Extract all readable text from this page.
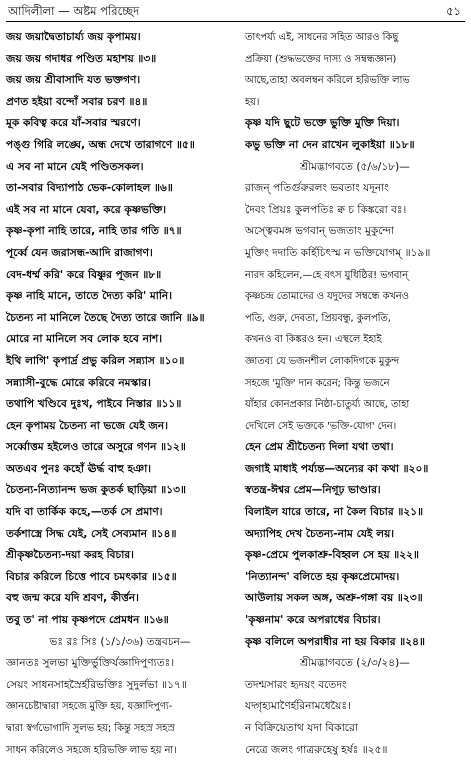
আদিলীলা — অষ্টম পরিচ্ছেদ	৫১
জয় জয়াদ্বৈতাচার্য্য জয় কৃপাময়।
জয় জয় গদাধর পণ্ডিত মহাশয় ॥৩॥
জয় জয় শ্রীবাসাদি যত ভক্তগণ।
প্রণত হইয়া বন্দোঁ সবার চরণ ॥৪॥
মূক কবিত্ব করে যাঁ-সবার স্মরণে।
পঙ্গু গিরি লঙ্ঘে, অন্ধ দেখে তারাগণে ॥৫॥
এ সব না মানে যেই পণ্ডিতসকল।
তা-সবার বিদ্যাপাঠ ভেক-কোলাহল ॥৬॥
এই সব না মানে যেবা, করে কৃষ্ণভক্তি।
কৃষ্ণ-কৃপা নাহি তারে, নাহি তার গতি ॥৭॥
পূর্ব্বে যেন জরাসন্ধ-আদি রাজাগণ।
বেদ-ধর্ম্ম করি' করে বিষ্ণুর পূজন ॥৮॥
কৃষ্ণ নাহি মানে, তাতে দৈত্য করি' মানি।
চৈতন্য না মানিলে তৈছে দৈত্য তারে জানি ॥৯॥
মোরে না মানিলে সব লোক হবে নাশ।
ইথি লাগি' কৃপার্দ্র প্রভু করিল সন্ন্যাস ॥১০॥
সন্ন্যাসী-বুদ্ধে মোরে করিবে নমস্কার।
তথাপি খণ্ডিবে দুঃখ, পাইবে নিস্তার ॥১১॥
হেন কৃপাময় চৈতন্য না ভজে যেই জন।
সর্ব্বোত্তম হইলেও তারে অসুরে গণন ॥১২॥
অতএব পুনঃ কহোঁ ঊর্দ্ধ বাহু হঞা।
চৈতন্য-নিত্যানন্দ ভজ কুতর্ক ছাড়িয়া ॥১৩॥
যদি বা তার্কিক কহে,—তর্ক সে প্রমাণ।
তর্কশাস্ত্রে সিদ্ধ যেই, সেই সেব্যমান ॥১৪॥
শ্রীকৃষ্ণচৈতন্য-দয়া করহ বিচার।
বিচার করিলে চিত্তে পাবে চমৎকার ॥১৫॥
বহু জন্ম করে যদি শ্রবণ, কীর্ত্তন।
তবু ত' না পায় কৃষ্ণপদে প্রেমধন ॥১৬॥
ভঃ রঃ সিঃ (১/১/৩৬) তন্ত্রবচন—
জ্ঞানতঃ সুলভা মুক্তির্ভুক্তির্যজ্ঞাদিপুণ্যতঃ।
সেয়ং সাধনসাহস্রৈর্হরিভক্তিঃ সুদুর্লভা ॥১৭॥
জ্ঞানচেষ্টাদ্বারা সহজে মুক্তি হয়, যজ্ঞাদিপুণ্য-
দ্বারা স্বর্গভোগাদি সুলভ হয়; কিন্তু সহস্র সহস্র
সাধন করিলেও সহজে হরিভক্তি লাভ হয় না।
তাৎপর্য্য এই, সাধনের সহিত আরও কিছু
প্রক্রিয়া (শুদ্ধভক্তের দাস্য ও সম্বন্ধজ্ঞান)
আছে,তাহা অবলম্বন করিলে হরিভক্তি লাভ
হয়।
কৃষ্ণ যদি ছুটে ভক্তে ভুক্তি মুক্তি দিয়া।
কভু ভক্তি না দেন রাখেন লুকাইয়া ॥১৮॥
শ্রীমদ্ভাগবতে (৫/৬/১৮)—
রাজন্ পতির্গুরুরলং ভবতাং যদূনাং
দৈবং প্রিয়ঃ কুলপতিঃ ক্ব চ কিঙ্করো বঃ।
অস্ত্বেবমঙ্গ ভগবান্ ভজতাং মুকুন্দো
মুক্তিং দদাতি কর্হিচিৎস্ম ন ভক্তিযোগম্ ॥১৯॥
নারদ কহিলেন,—হে বৎস যুধিষ্ঠির! ভগবান্
কৃষ্ণচন্দ্র তোমাদের ও যদুদের সম্বন্ধে কখনও
পতি, গুরু, দেবতা, প্রিয়বন্ধু, কুলপতি,
কখনও বা কিঙ্করও হন। এস্থলে ইহাই
জ্ঞাতব্য যে ভজনশীল লোকদিগকে মুকুন্দ
সহজে 'মুক্তি' দান করেন; কিন্তু ভজনে
যাঁহার কোনপ্রকার নিষ্ঠা-চাতুর্য্য আছে, তাহা
দেখিলে সেই ভক্তকে 'ভক্তি-যোগ' দেন।
হেন প্রেম শ্রীচৈতন্য দিলা যথা তথা।
জগাই মাধাই পর্য্যন্ত—অন্যের কা কথা ॥২০॥
স্বতন্ত্র-ঈশ্বর প্রেম—নিগূঢ় ভাণ্ডার।
বিলাইল যারে তারে, না কৈল বিচার ॥২১॥
অদ্যাপিহ দেখ চৈতন্য-নাম যেই লয়।
কৃষ্ণ-প্রেমে পুলকাশ্রু-বিহ্বল সে হয় ॥২২॥
'নিত্যানন্দ' বলিতে হয় কৃষ্ণপ্রেমোদয়।
আউলায় সকল অঙ্গ, অশ্রু-গঙ্গা বয় ॥২৩॥
'কৃষ্ণনাম' করে অপরাধের বিচার।
কৃষ্ণ বলিলে অপরাধীর না হয় বিকার ॥২৪॥
শ্রীমদ্ভাগবতে (২/৩/২৪)—
তদশ্মসারং হৃদয়ং বতেদং
যদ্গৃহ্যমাণৈর্হরিনামধেয়ৈঃ।
ন বিক্রিয়েতাথ যদা বিকারো
নেত্রে জলং গাত্ররুহেষু হর্ষঃ ॥২৫॥
